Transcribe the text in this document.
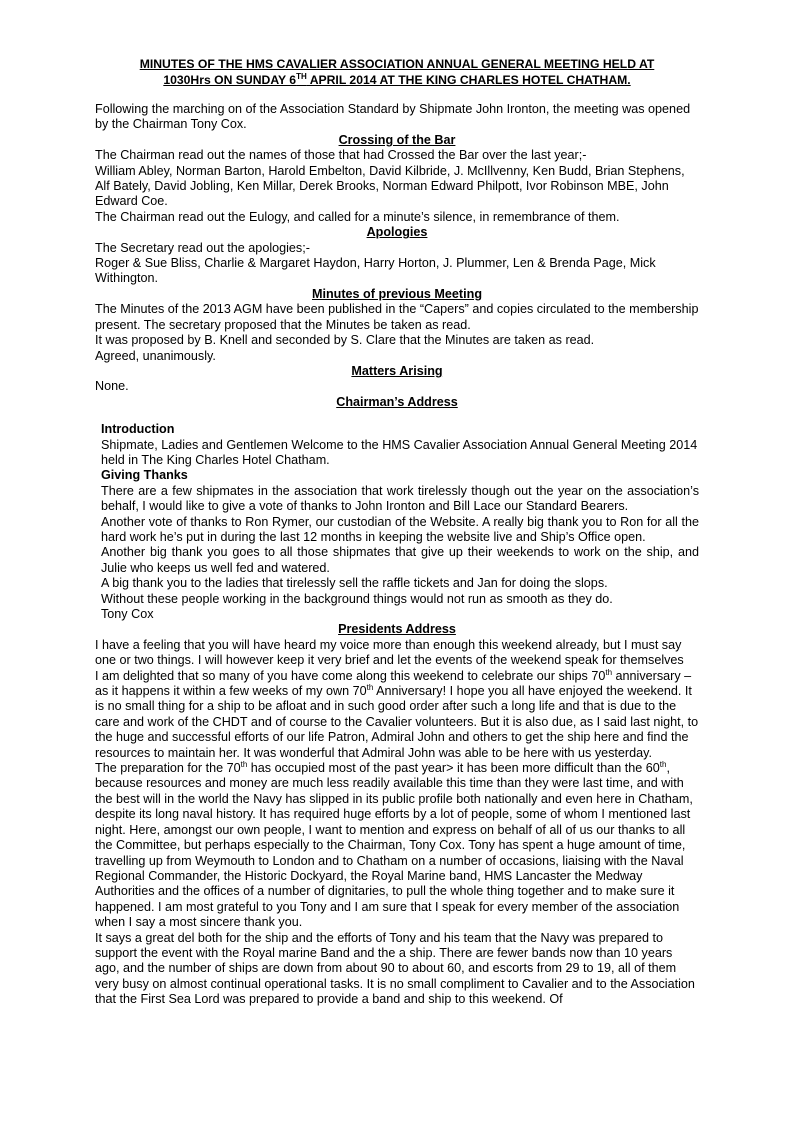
MINUTES OF THE HMS CAVALIER ASSOCIATION ANNUAL GENERAL MEETING HELD AT
1030Hrs ON SUNDAY 6TH APRIL 2014 AT THE KING CHARLES HOTEL CHATHAM.

Following the marching on of the Association Standard by Shipmate John Ironton, the meeting was opened by the Chairman Tony Cox.

Crossing of the Bar

The Chairman read out the names of those that had Crossed the Bar over the last year;-

William Abley, Norman Barton, Harold Embelton, David Kilbride, J. McIllvenny, Ken Budd, Brian Stephens, Alf Bately, David Jobling, Ken Millar, Derek Brooks, Norman Edward Philpott, Ivor Robinson MBE, John Edward Coe.

The Chairman read out the Eulogy, and called for a minute’s silence, in remembrance of them.

Apologies

The Secretary read out the apologies;-

Roger & Sue Bliss, Charlie & Margaret Haydon, Harry Horton, J. Plummer, Len & Brenda Page, Mick Withington.

Minutes of previous Meeting

The Minutes of the 2013 AGM have been published in the “Capers” and copies circulated to the membership present. The secretary proposed that the Minutes be taken as read.

It was proposed by B. Knell and seconded by S. Clare that the Minutes are taken as read.

Agreed, unanimously.

Matters Arising

None.

Chairman’s Address
Introduction

Shipmate, Ladies and Gentlemen Welcome to the HMS Cavalier Association Annual General Meeting 2014 held in The King Charles Hotel Chatham.

Giving Thanks

There are a few shipmates in the association that work tirelessly though out the year on the association’s behalf, I would like to give a vote of thanks to John Ironton and Bill Lace our Standard Bearers.

Another vote of thanks to Ron Rymer, our custodian of the Website. A really big thank you to Ron for all the hard work he’s put in during the last 12 months in keeping the website live and Ship’s Office open.

Another big thank you goes to all those shipmates that give up their weekends to work on the ship, and Julie who keeps us well fed and watered.

A big thank you to the ladies that tirelessly sell the raffle tickets and Jan for doing the slops.

Without these people working in the background things would not run as smooth as they do.

Tony Cox

Presidents Address

I have a feeling that you will have heard my voice more than enough this weekend already, but I must say one or two things. I will however keep it very brief and let the events of the weekend speak for themselves

I am delighted that so many of you have come along this weekend to celebrate our ships 70th anniversary – as it happens it within a few weeks of my own 70th Anniversary! I hope you all have enjoyed the weekend. It is no small thing for a ship to be afloat and in such good order after such a long life and that is due to the care and work of the CHDT and of course to the Cavalier volunteers. But it is also due, as I said last night, to the huge and successful efforts of our life Patron, Admiral John and others to get the ship here and find the resources to maintain her. It was wonderful that Admiral John was able to be here with us yesterday.

The preparation for the 70th has occupied most of the past year> it has been more difficult than the 60th, because resources and money are much less readily available this time than they were last time, and with the best will in the world the Navy has slipped in its public profile both nationally and even here in Chatham, despite its long naval history. It has required huge efforts by a lot of people, some of whom I mentioned last night. Here, amongst our own people, I want to mention and express on behalf of all of us our thanks to all the Committee, but perhaps especially to the Chairman, Tony Cox. Tony has spent a huge amount of time, travelling up from Weymouth to London and to Chatham on a number of occasions, liaising with the Naval Regional Commander, the Historic Dockyard, the Royal Marine band, HMS Lancaster the Medway Authorities and the offices of a number of dignitaries, to pull the whole thing together and to make sure it happened. I am most grateful to you Tony and I am sure that I speak for every member of the association when I say a most sincere thank you.

It says a great del both for the ship and the efforts of Tony and his team that the Navy was prepared to support the event with the Royal marine Band and the a ship. There are fewer bands now than 10 years ago, and the number of ships are down from about 90 to about 60, and escorts from 29 to 19, all of them very busy on almost continual operational tasks. It is no small compliment to Cavalier and to the Association that the First Sea Lord was prepared to provide a band and ship to this weekend. Of
